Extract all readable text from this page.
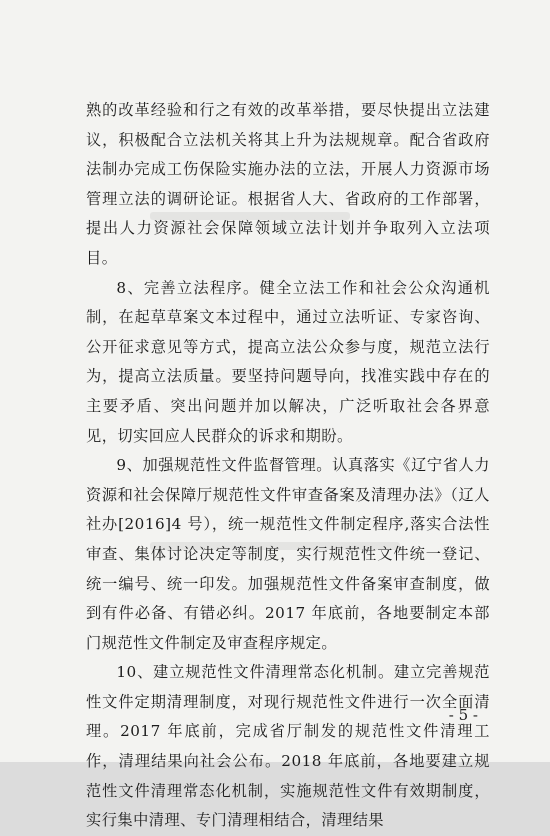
熟的改革经验和行之有效的改革举措，要尽快提出立法建议，积极配合立法机关将其上升为法规规章。配合省政府法制办完成工伤保险实施办法的立法，开展人力资源市场管理立法的调研论证。根据省人大、省政府的工作部署，提出人力资源社会保障领域立法计划并争取列入立法项目。

8、完善立法程序。健全立法工作和社会公众沟通机制，在起草草案文本过程中，通过立法听证、专家咨询、公开征求意见等方式，提高立法公众参与度，规范立法行为，提高立法质量。要坚持问题导向，找准实践中存在的主要矛盾、突出问题并加以解决，广泛听取社会各界意见，切实回应人民群众的诉求和期盼。

9、加强规范性文件监督管理。认真落实《辽宁省人力资源和社会保障厅规范性文件审查备案及清理办法》（辽人社办[2016]4 号），统一规范性文件制定程序,落实合法性审查、集体讨论决定等制度，实行规范性文件统一登记、统一编号、统一印发。加强规范性文件备案审查制度，做到有件必备、有错必纠。2017 年底前，各地要制定本部门规范性文件制定及审查程序规定。

10、建立规范性文件清理常态化机制。建立完善规范性文件定期清理制度，对现行规范性文件进行一次全面清理。2017 年底前，完成省厅制发的规范性文件清理工作，清理结果向社会公布。2018 年底前，各地要建立规范性文件清理常态化机制，实施规范性文件有效期制度，实行集中清理、专门清理相结合，清理结果

- 5 -
